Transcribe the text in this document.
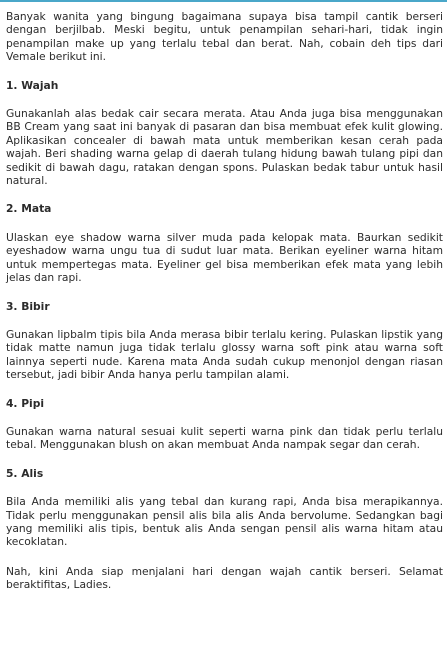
Banyak wanita yang bingung bagaimana supaya bisa tampil cantik berseri dengan berjilbab. Meski begitu, untuk penampilan sehari-hari, tidak ingin penampilan make up yang terlalu tebal dan berat. Nah, cobain deh tips dari Vemale berikut ini.

1. Wajah

Gunakanlah alas bedak cair secara merata. Atau Anda juga bisa menggunakan BB Cream yang saat ini banyak di pasaran dan bisa membuat efek kulit glowing. Aplikasikan concealer di bawah mata untuk memberikan kesan cerah pada wajah. Beri shading warna gelap di daerah tulang hidung bawah tulang pipi dan sedikit di bawah dagu, ratakan dengan spons. Pulaskan bedak tabur untuk hasil natural.

2. Mata

Ulaskan eye shadow warna silver muda pada kelopak mata. Baurkan sedikit eyeshadow warna ungu tua di sudut luar mata. Berikan eyeliner warna hitam untuk mempertegas mata. Eyeliner gel bisa memberikan efek mata yang lebih jelas dan rapi.

3. Bibir

Gunakan lipbalm tipis bila Anda merasa bibir terlalu kering. Pulaskan lipstik yang tidak matte namun juga tidak terlalu glossy warna soft pink atau warna soft lainnya seperti nude. Karena mata Anda sudah cukup menonjol dengan riasan tersebut, jadi bibir Anda hanya perlu tampilan alami.

4. Pipi

Gunakan warna natural sesuai kulit seperti warna pink dan tidak perlu terlalu tebal. Menggunakan blush on akan membuat Anda nampak segar dan cerah.

5. Alis

Bila Anda memiliki alis yang tebal dan kurang rapi, Anda bisa merapikannya. Tidak perlu menggunakan pensil alis bila alis Anda bervolume. Sedangkan bagi yang memiliki alis tipis, bentuk alis Anda sengan pensil alis warna hitam atau kecoklatan.

Nah, kini Anda siap menjalani hari dengan wajah cantik berseri. Selamat beraktifitas, Ladies.
